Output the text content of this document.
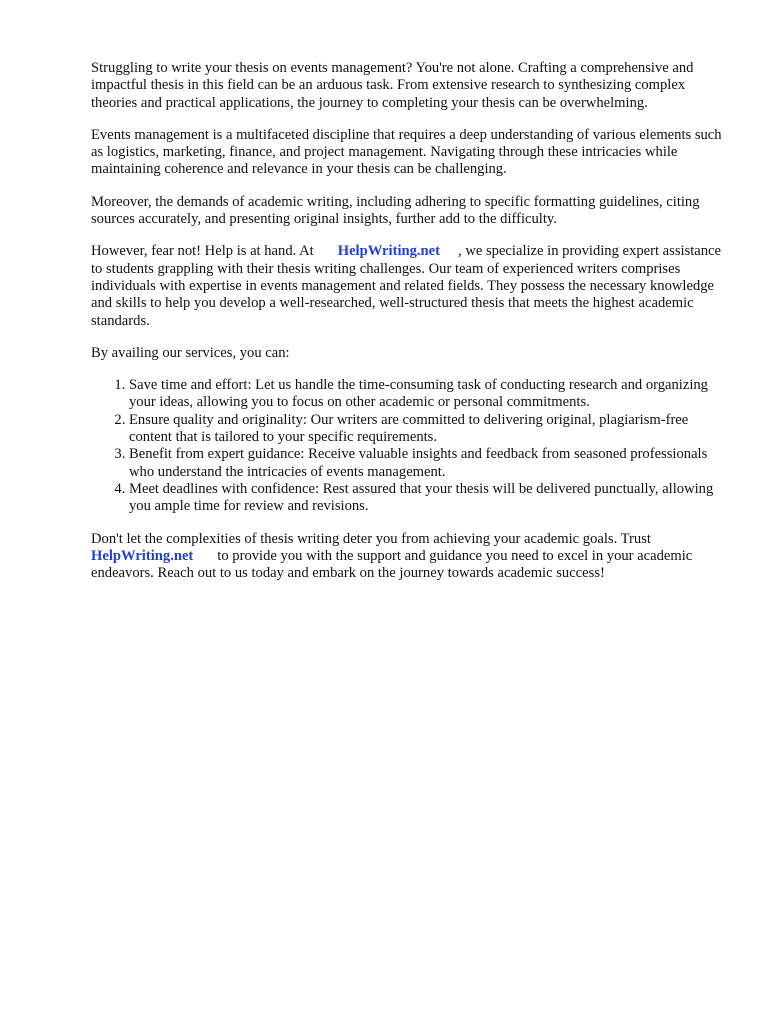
Struggling to write your thesis on events management? You're not alone. Crafting a comprehensive and impactful thesis in this field can be an arduous task. From extensive research to synthesizing complex theories and practical applications, the journey to completing your thesis can be overwhelming.

Events management is a multifaceted discipline that requires a deep understanding of various elements such as logistics, marketing, finance, and project management. Navigating through these intricacies while maintaining coherence and relevance in your thesis can be challenging.

Moreover, the demands of academic writing, including adhering to specific formatting guidelines, citing sources accurately, and presenting original insights, further add to the difficulty.

However, fear not! Help is at hand. At HelpWriting.net , we specialize in providing expert assistance to students grappling with their thesis writing challenges. Our team of experienced writers comprises individuals with expertise in events management and related fields. They possess the necessary knowledge and skills to help you develop a well-researched, well-structured thesis that meets the highest academic standards.

By availing our services, you can:

1. Save time and effort: Let us handle the time-consuming task of conducting research and organizing your ideas, allowing you to focus on other academic or personal commitments.
2. Ensure quality and originality: Our writers are committed to delivering original, plagiarism-free content that is tailored to your specific requirements.
3. Benefit from expert guidance: Receive valuable insights and feedback from seasoned professionals who understand the intricacies of events management.
4. Meet deadlines with confidence: Rest assured that your thesis will be delivered punctually, allowing you ample time for review and revisions.

Don't let the complexities of thesis writing deter you from achieving your academic goals. Trust
HelpWriting.net to provide you with the support and guidance you need to excel in your academic endeavors. Reach out to us today and embark on the journey towards academic success!
